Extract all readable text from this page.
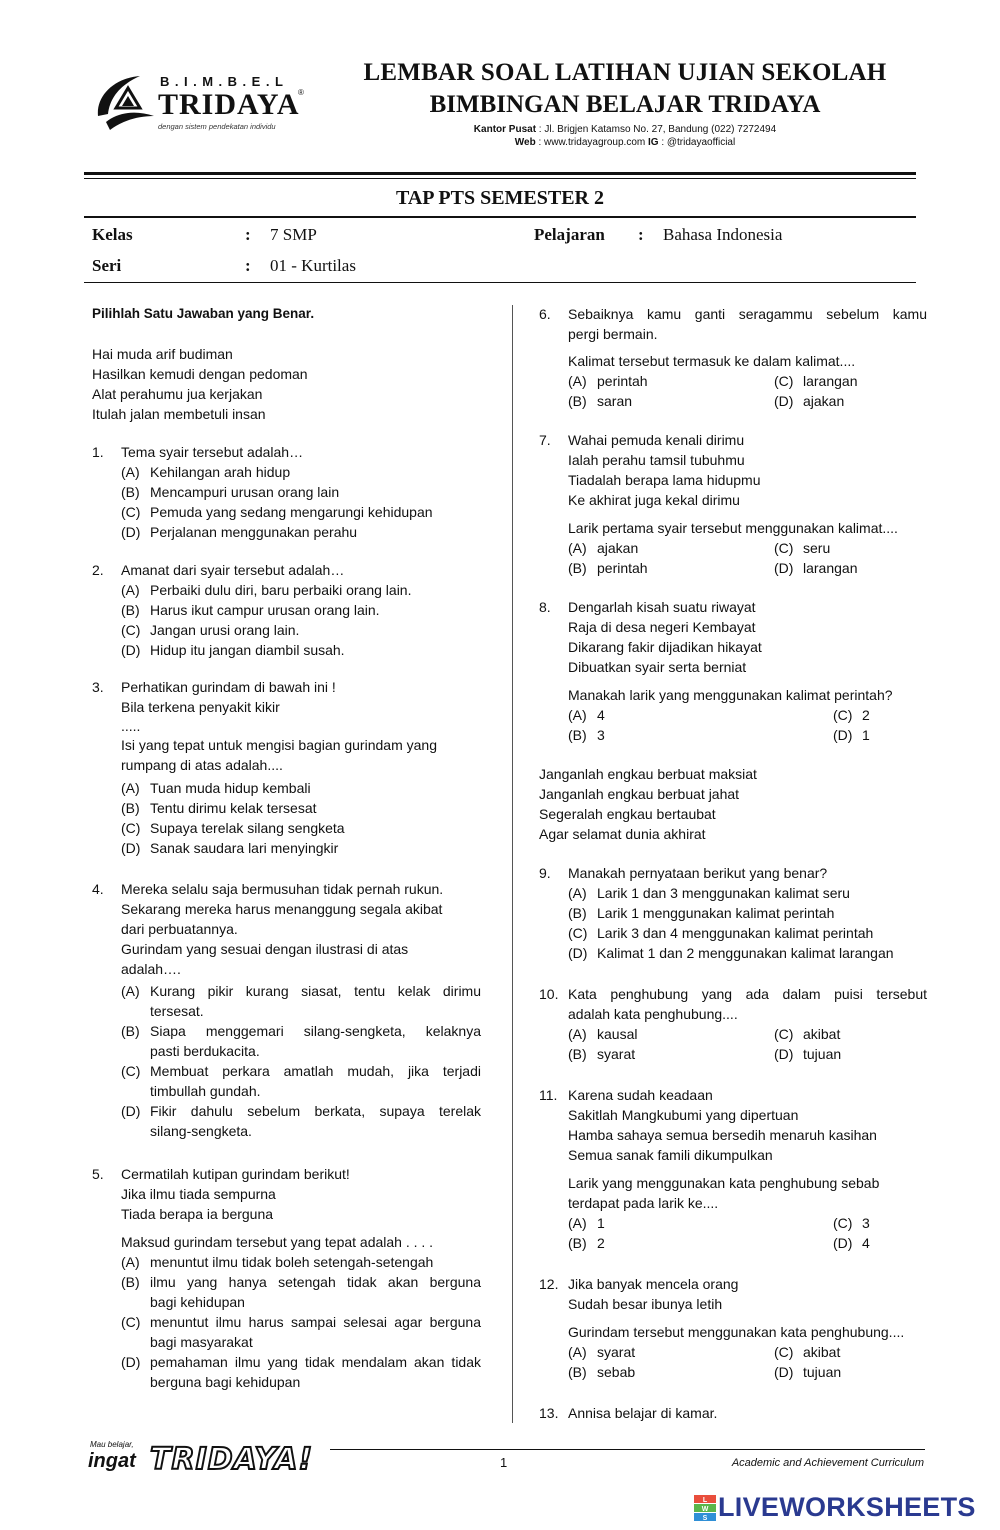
B.I.M.B.E.L
TRIDAYA
®
dengan sistem pendekatan individu
LEMBAR SOAL LATIHAN UJIAN SEKOLAH
BIMBINGAN BELAJAR TRIDAYA
Kantor Pusat : Jl. Brigjen Katamso No. 27, Bandung (022) 7272494
Web : www.tridayagroup.com IG : @tridayaofficial
TAP PTS SEMESTER 2
Kelas	: 7 SMP	Pelajaran : Bahasa Indonesia
Seri	: 01 - Kurtilas
Pilihlah Satu Jawaban yang Benar.
Hai muda arif budiman
Hasilkan kemudi dengan pedoman
Alat perahumu jua kerjakan
Itulah jalan membetuli insan
1. Tema syair tersebut adalah…
(A) Kehilangan arah hidup
(B) Mencampuri urusan orang lain
(C) Pemuda yang sedang mengarungi kehidupan
(D) Perjalanan menggunakan perahu
2. Amanat dari syair tersebut adalah…
(A) Perbaiki dulu diri, baru perbaiki orang lain.
(B) Harus ikut campur urusan orang lain.
(C) Jangan urusi orang lain.
(D) Hidup itu jangan diambil susah.
3. Perhatikan gurindam di bawah ini !
Bila terkena penyakit kikir
.....
Isi yang tepat untuk mengisi bagian gurindam yang
rumpang di atas adalah....
(A) Tuan muda hidup kembali
(B) Tentu dirimu kelak tersesat
(C) Supaya terelak silang sengketa
(D) Sanak saudara lari menyingkir
4. Mereka selalu saja bermusuhan tidak pernah rukun.
Sekarang mereka harus menanggung segala akibat
dari perbuatannya.
Gurindam yang sesuai dengan ilustrasi di atas
adalah….
(A) Kurang pikir kurang siasat, tentu kelak dirimu
tersesat.
(B) Siapa menggemari silang-sengketa, kelaknya
pasti berdukacita.
(C) Membuat perkara amatlah mudah, jika terjadi
timbullah gundah.
(D) Fikir dahulu sebelum berkata, supaya terelak
silang-sengketa.
5. Cermatilah kutipan gurindam berikut!
Jika ilmu tiada sempurna
Tiada berapa ia berguna
Maksud gurindam tersebut yang tepat adalah . . . .
(A) menuntut ilmu tidak boleh setengah-setengah
(B) ilmu yang hanya setengah tidak akan berguna
bagi kehidupan
(C) menuntut ilmu harus sampai selesai agar berguna
bagi masyarakat
(D) pemahaman ilmu yang tidak mendalam akan tidak
berguna bagi kehidupan
6. Sebaiknya kamu ganti seragammu sebelum kamu
pergi bermain.
Kalimat tersebut termasuk ke dalam kalimat....
(A) perintah	(C) larangan
(B) saran	(D) ajakan
7. Wahai pemuda kenali dirimu
Ialah perahu tamsil tubuhmu
Tiadalah berapa lama hidupmu
Ke akhirat juga kekal dirimu
Larik pertama syair tersebut menggunakan kalimat....
(A) ajakan	(C) seru
(B) perintah	(D) larangan
8. Dengarlah kisah suatu riwayat
Raja di desa negeri Kembayat
Dikarang fakir dijadikan hikayat
Dibuatkan syair serta berniat
Manakah larik yang menggunakan kalimat perintah?
(A) 4	(C) 2
(B) 3	(D) 1
Janganlah engkau berbuat maksiat
Janganlah engkau berbuat jahat
Segeralah engkau bertaubat
Agar selamat dunia akhirat
9. Manakah pernyataan berikut yang benar?
(A) Larik 1 dan 3 menggunakan kalimat seru
(B) Larik 1 menggunakan kalimat perintah
(C) Larik 3 dan 4 menggunakan kalimat perintah
(D) Kalimat 1 dan 2 menggunakan kalimat larangan
10. Kata penghubung yang ada dalam puisi tersebut
adalah kata penghubung....
(A) kausal	(C) akibat
(B) syarat	(D) tujuan
11. Karena sudah keadaan
Sakitlah Mangkubumi yang dipertuan
Hamba sahaya semua bersedih menaruh kasihan
Semua sanak famili dikumpulkan
Larik yang menggunakan kata penghubung sebab
terdapat pada larik ke....
(A) 1	(C) 3
(B) 2	(D) 4
12. Jika banyak mencela orang
Sudah besar ibunya letih
Gurindam tersebut menggunakan kata penghubung....
(A) syarat	(C) akibat
(B) sebab	(D) tujuan
13. Annisa belajar di kamar.
Mau belajar,
ingat TRIDAYA!	1	Academic and Achievement Curriculum
L
W
S LIVEWORKSHEETS
